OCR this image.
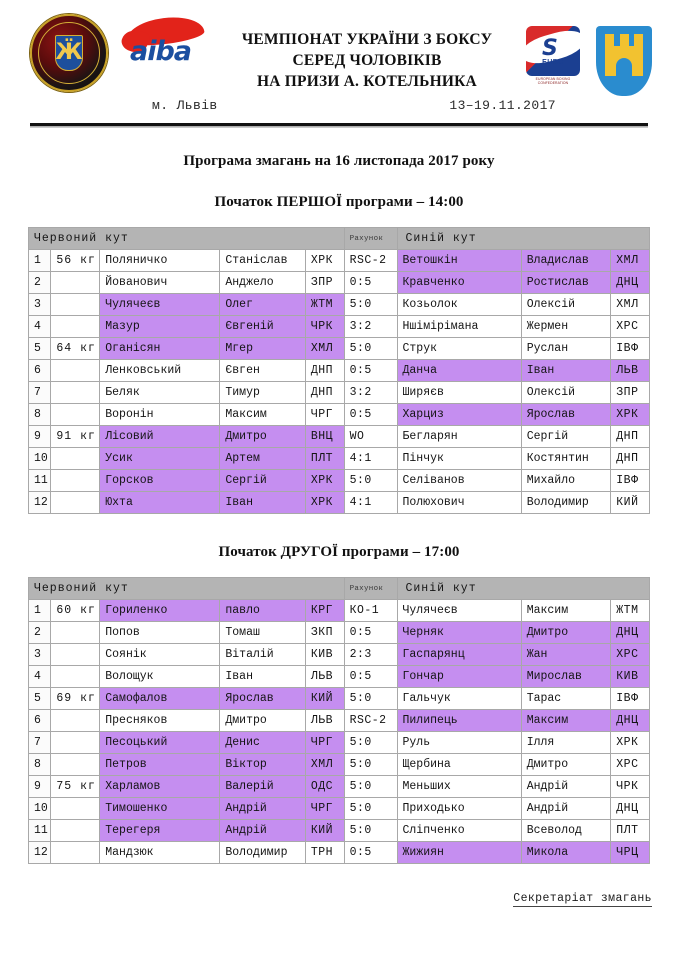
Ӝ aiba	ЧЕМПІОНАТ УКРАЇНИ З БОКСУ
СЕРЕД ЧОЛОВІКІВ
НА ПРИЗИ А. КОТЕЛЬНИКА
S
EUBC
EUROPEAN BOXING CONFEDERATION
м. Львів	13–19.11.2017
Програма змагань на 16 листопада 2017 року
Початок ПЕРШОЇ програми – 14:00
Червоний кут					Рахунок	Синій кут		
1	56 кг	Поляничко	Станіслав	ХРК	RSC-2	Ветошкін	Владислав	ХМЛ
2		Йованович	Анджело	ЗПР	0:5	Кравченко	Ростислав	ДНЦ
3		Чулячеєв	Олег	ЖТМ	5:0	Козьолок	Олексій	ХМЛ
4		Мазур	Євгеній	ЧРК	3:2	Ншімірімана	Жермен	ХРС
5	64 кг	Оганісян	Мгер	ХМЛ	5:0	Струк	Руслан	ІВФ
6		Ленковський	Євген	ДНП	0:5	Данча	Іван	ЛЬВ
7		Беляк	Тимур	ДНП	3:2	Ширяєв	Олексій	ЗПР
8		Воронін	Максим	ЧРГ	0:5	Харциз	Ярослав	ХРК
9	91 кг	Лісовий	Дмитро	ВНЦ	WO	Бегларян	Сергій	ДНП
10		Усик	Артем	ПЛТ	4:1	Пінчук	Костянтин	ДНП
11		Горсков	Сергій	ХРК	5:0	Селіванов	Михайло	ІВФ
12		Юхта	Іван	ХРК	4:1	Полюхович	Володимир	КИЙ
Початок ДРУГОЇ програми – 17:00
Червоний кут					Рахунок	Синій кут		
1	60 кг	Гориленко	павло	КРГ	КО-1	Чулячеєв	Максим	ЖТМ
2		Попов	Томаш	ЗКП	0:5	Черняк	Дмитро	ДНЦ
3		Соянік	Віталій	КИВ	2:3	Гаспарянц	Жан	ХРС
4		Волощук	Іван	ЛЬВ	0:5	Гончар	Мирослав	КИВ
5	69 кг	Самофалов	Ярослав	КИЙ	5:0	Гальчук	Тарас	ІВФ
6		Пресняков	Дмитро	ЛЬВ	RSC-2	Пилипець	Максим	ДНЦ
7		Песоцький	Денис	ЧРГ	5:0	Руль	Ілля	ХРК
8		Петров	Віктор	ХМЛ	5:0	Щербина	Дмитро	ХРС
9	75 кг	Харламов	Валерій	ОДС	5:0	Меньших	Андрій	ЧРК
10		Тимошенко	Андрій	ЧРГ	5:0	Приходько	Андрій	ДНЦ
11		Терегеря	Андрій	КИЙ	5:0	Сліпченко	Всеволод	ПЛТ
12		Мандзюк	Володимир	ТРН	0:5	Жижиян	Микола	ЧРЦ
Секретаріат змагань
